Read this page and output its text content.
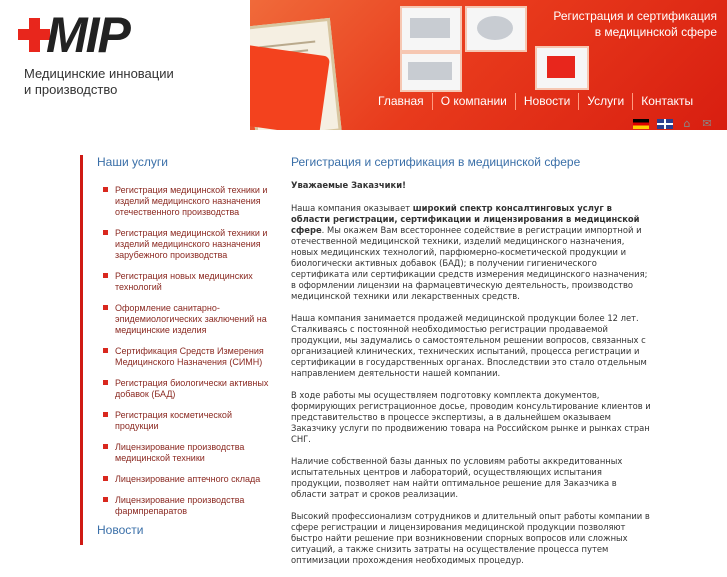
MIP
Медицинские инновации
и производство
Регистрация и сертификация
в медицинской сфере
Главная	О компании	Новости	Услуги	Контакты
⌂ ✉
Наши услуги
Регистрация медицинской техники и изделий медицинского назначения отечественного производства
Регистрация медицинской техники и изделий медицинского назначения зарубежного производства
Регистрация новых медицинских технологий
Оформление санитарно-эпидемиологических заключений на медицинские изделия
Сертификация Средств Измерения Медицинского Назначения (СИМН)
Регистрация биологически активных добавок (БАД)
Регистрация косметической продукции
Лицензирование производства медицинской техники
Лицензирование аптечного склада
Лицензирование производства фармпрепаратов
Новости
Регистрация и сертификация в медицинской сфере

Уважаемые Заказчики!

Наша компания оказывает широкий спектр консалтинговых услуг в области регистрации, сертификации и лицензирования в медицинской сфере. Мы окажем Вам всестороннее содействие в регистрации импортной и отечественной медицинской техники, изделий медицинского назначения, новых медицинских технологий, парфюмерно-косметической продукции и биологически активных добавок (БАД); в получении гигиенического сертификата или сертификации средств измерения медицинского назначения; в оформлении лицензии на фармацевтическую деятельность, производство медицинской техники или лекарственных средств.

Наша компания занимается продажей медицинской продукции более 12 лет. Сталкиваясь с постоянной необходимостью регистрации продаваемой продукции, мы задумались о самостоятельном решении вопросов, связанных с организацией клинических, технических испытаний, процесса регистрации и сертификации в государственных органах. Впоследствии это стало отдельным направлением деятельности нашей компании.

В ходе работы мы осуществляем подготовку комплекта документов, формирующих регистрационное досье, проводим консультирование клиентов и представительство в процессе экспертизы, а в дальнейшем оказываем Заказчику услуги по продвижению товара на Российском рынке и рынках стран СНГ.

Наличие собственной базы данных по условиям работы аккредитованных испытательных центров и лабораторий, осуществляющих испытания продукции, позволяет нам найти оптимальное решение для Заказчика в области затрат и сроков реализации.

Высокий профессионализм сотрудников и длительный опыт работы компании в сфере регистрации и лицензирования медицинской продукции позволяют быстро найти решение при возникновении спорных вопросов или сложных ситуаций, а также снизить затраты на осуществление процесса путем оптимизации прохождения необходимых процедур.
